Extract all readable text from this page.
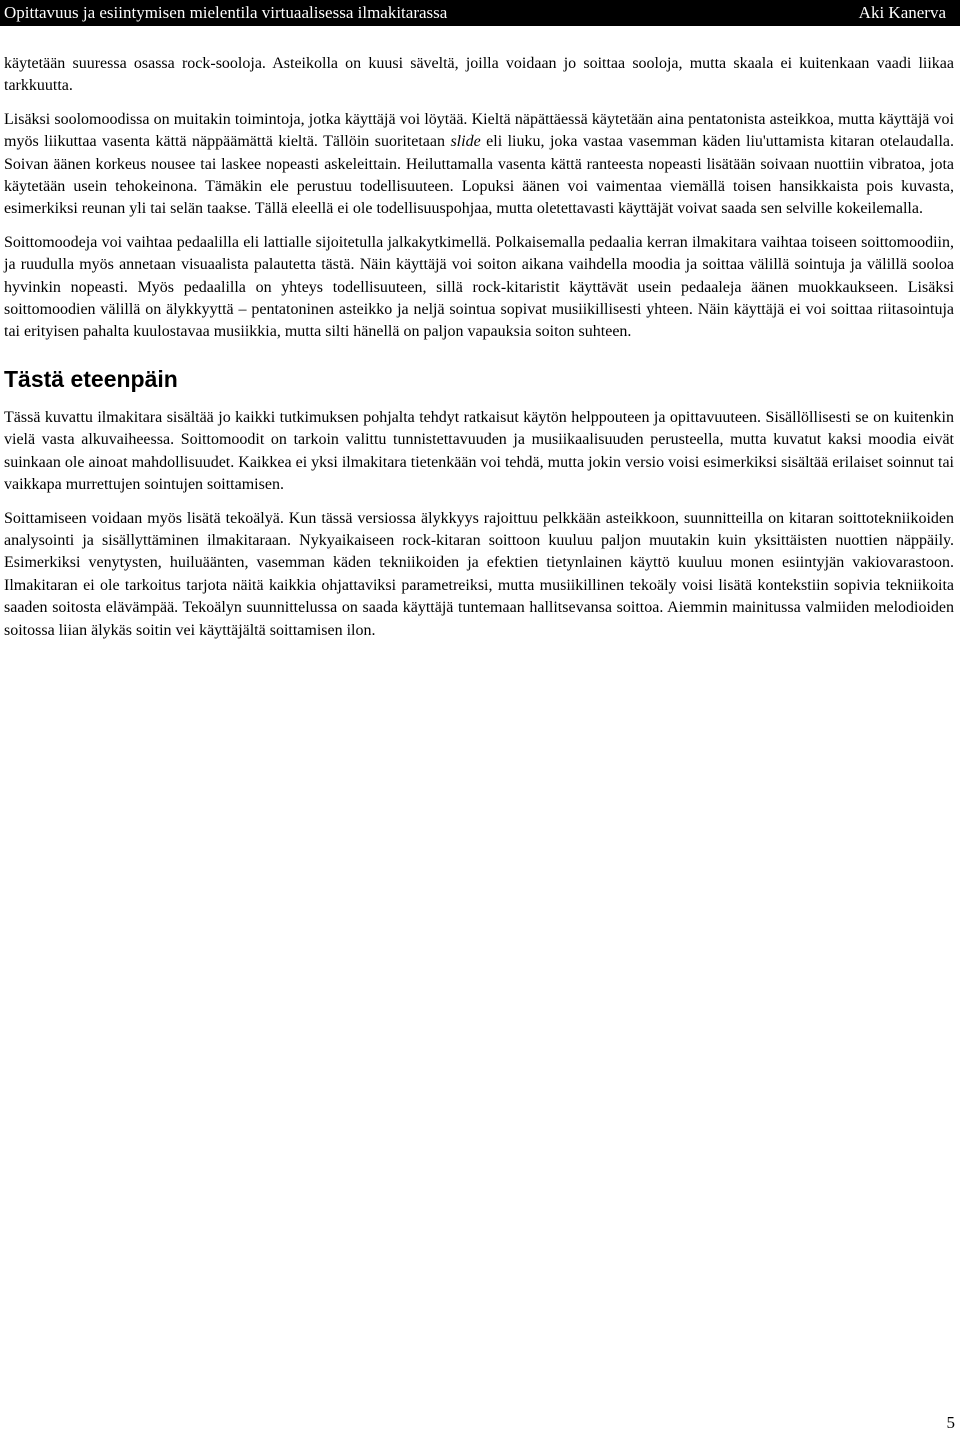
Opittavuus ja esiintymisen mielentila virtuaalisessa ilmakitarassa	Aki Kanerva

käytetään suuressa osassa rock-sooloja. Asteikolla on kuusi säveltä, joilla voidaan jo soittaa sooloja, mutta skaala ei kuitenkaan vaadi liikaa tarkkuutta.

Lisäksi soolomoodissa on muitakin toimintoja, jotka käyttäjä voi löytää. Kieltä näpättäessä käytetään aina pentatonista asteikkoa, mutta käyttäjä voi myös liikuttaa vasenta kättä näppäämättä kieltä. Tällöin suoritetaan slide eli liuku, joka vastaa vasemman käden liu'uttamista kitaran otelaudalla. Soivan äänen korkeus nousee tai laskee nopeasti askeleittain. Heiluttamalla vasenta kättä ranteesta nopeasti lisätään soivaan nuottiin vibratoa, jota käytetään usein tehokeinona. Tämäkin ele perustuu todellisuuteen. Lopuksi äänen voi vaimentaa viemällä toisen hansikkaista pois kuvasta, esimerkiksi reunan yli tai selän taakse. Tällä eleellä ei ole todellisuuspohjaa, mutta oletettavasti käyttäjät voivat saada sen selville kokeilemalla.

Soittomoodeja voi vaihtaa pedaalilla eli lattialle sijoitetulla jalkakytkimellä. Polkaisemalla pedaalia kerran ilmakitara vaihtaa toiseen soittomoodiin, ja ruudulla myös annetaan visuaalista palautetta tästä. Näin käyttäjä voi soiton aikana vaihdella moodia ja soittaa välillä sointuja ja välillä sooloa hyvinkin nopeasti. Myös pedaalilla on yhteys todellisuuteen, sillä rock-kitaristit käyttävät usein pedaaleja äänen muokkaukseen. Lisäksi soittomoodien välillä on älykkyyttä – pentatoninen asteikko ja neljä sointua sopivat musiikillisesti yhteen. Näin käyttäjä ei voi soittaa riitasointuja tai erityisen pahalta kuulostavaa musiikkia, mutta silti hänellä on paljon vapauksia soiton suhteen.

Tästä eteenpäin

Tässä kuvattu ilmakitara sisältää jo kaikki tutkimuksen pohjalta tehdyt ratkaisut käytön helppouteen ja opittavuuteen. Sisällöllisesti se on kuitenkin vielä vasta alkuvaiheessa. Soittomoodit on tarkoin valittu tunnistettavuuden ja musiikaalisuuden perusteella, mutta kuvatut kaksi moodia eivät suinkaan ole ainoat mahdollisuudet. Kaikkea ei yksi ilmakitara tietenkään voi tehdä, mutta jokin versio voisi esimerkiksi sisältää erilaiset soinnut tai vaikkapa murrettujen sointujen soittamisen.

Soittamiseen voidaan myös lisätä tekoälyä. Kun tässä versiossa älykkyys rajoittuu pelkkään asteikkoon, suunnitteilla on kitaran soittotekniikoiden analysointi ja sisällyttäminen ilmakitaraan. Nykyaikaiseen rock-kitaran soittoon kuuluu paljon muutakin kuin yksittäisten nuottien näppäily. Esimerkiksi venytysten, huiluäänten, vasemman käden tekniikoiden ja efektien tietynlainen käyttö kuuluu monen esiintyjän vakiovarastoon. Ilmakitaran ei ole tarkoitus tarjota näitä kaikkia ohjattaviksi parametreiksi, mutta musiikillinen tekoäly voisi lisätä kontekstiin sopivia tekniikoita saaden soitosta elävämpää. Tekoälyn suunnittelussa on saada käyttäjä tuntemaan hallitsevansa soittoa. Aiemmin mainitussa valmiiden melodioiden soitossa liian älykäs soitin vei käyttäjältä soittamisen ilon.

5
